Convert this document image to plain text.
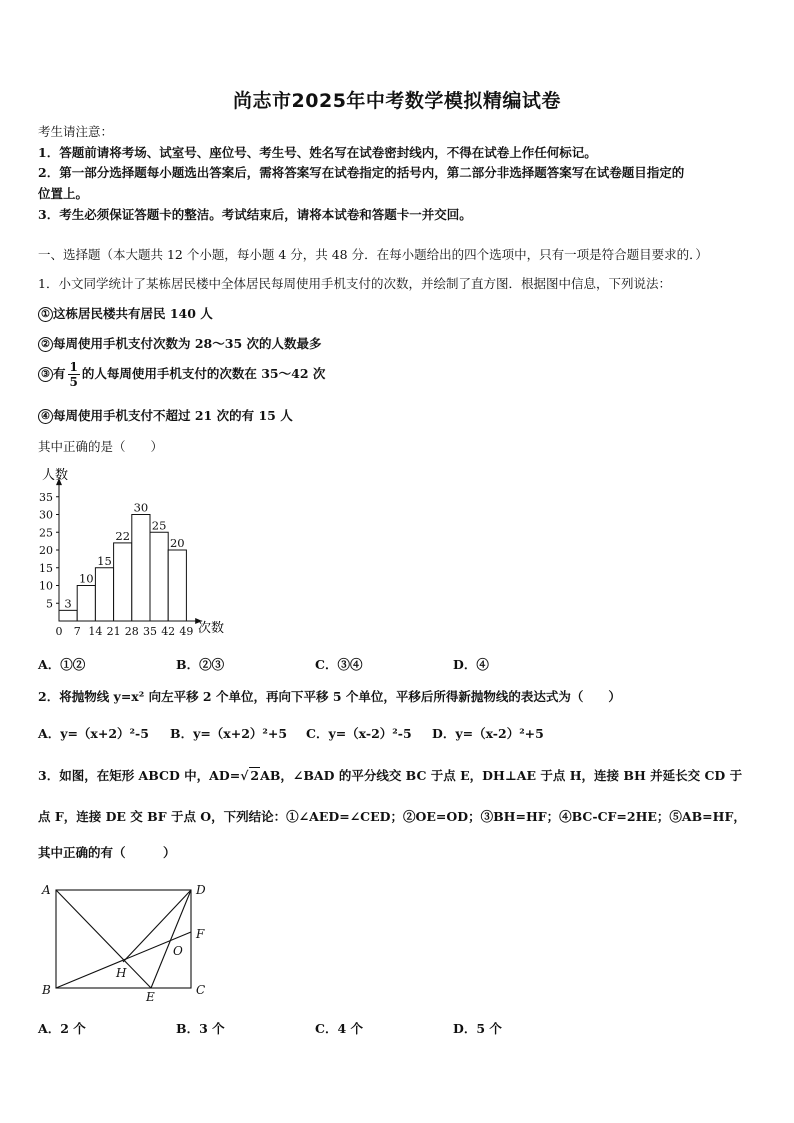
尚志市2025年中考数学模拟精编试卷
考生请注意：
1．答题前请将考场、试室号、座位号、考生号、姓名写在试卷密封线内，不得在试卷上作任何标记。
2．第一部分选择题每小题选出答案后，需将答案写在试卷指定的括号内，第二部分非选择题答案写在试卷题目指定的
位置上。
3．考生必须保证答题卡的整洁。考试结束后，请将本试卷和答题卡一并交回。
一、选择题（本大题共 12 个小题，每小题 4 分，共 48 分．在每小题给出的四个选项中，只有一项是符合题目要求的．）
1．小文同学统计了某栋居民楼中全体居民每周使用手机支付的次数，并绘制了直方图．根据图中信息，下列说法：
① 这栋居民楼共有居民 140 人
② 每周使用手机支付次数为 28～35 次的人数最多
③ 有 $\frac{1}{5}$ 的人每周使用手机支付的次数在 35～42 次
④ 每周使用手机支付不超过 21 次的有 15 人
其中正确的是（　　）
5
10
15
20
25
30
35
0 7 14 21 28 35 42 49
3
10
15
22
30
25
20
人数
次数
A．①②	B．②③	C．③④	D．④
2．将抛物线 y=x² 向左平移 2 个单位，再向下平移 5 个单位，平移后所得新抛物线的表达式为（　　）
A．y=（x+2）²-5 B．y=（x+2）²+5 C．y=（x-2）²-5 D．y=（x-2）²+5
3．如图，在矩形 ABCD 中，AD=√ 2AB，∠BAD 的平分线交 BC 于点 E，DH⊥AE 于点 H，连接 BH 并延长交 CD 于
点 F，连接 DE 交 BF 于点 O，下列结论：①∠AED=∠CED；②OE=OD；③BH=HF；④BC-CF=2HE；⑤AB=HF，
其中正确的有（　　　）
A	D
B	C
E
F
H
O
A．2 个	B．3 个	C．4 个	D．5 个
